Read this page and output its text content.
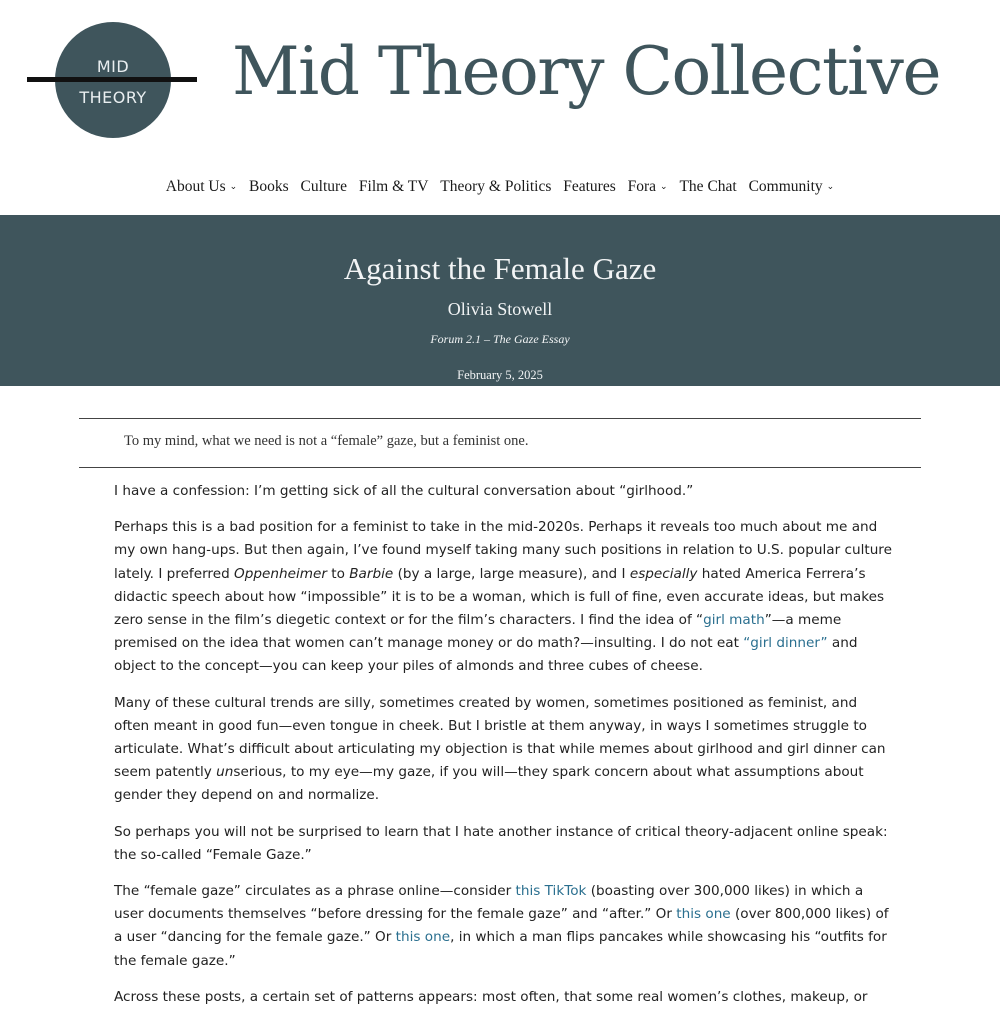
MID
THEORY	Mid Theory Collective
About Us ⌄ Books Culture Film & TV Theory & Politics Features Fora ⌄ The Chat Community ⌄
Against the Female Gaze
Olivia Stowell
Forum 2.1 – The Gaze Essay
February 5, 2025
To my mind, what we need is not a “female” gaze, but a feminist one.

I have a confession: I’m getting sick of all the cultural conversation about “girlhood.”

Perhaps this is a bad position for a feminist to take in the mid-2020s. Perhaps it reveals too much about me and my own hang-ups. But then again, I’ve found myself taking many such positions in relation to U.S. popular culture lately. I preferred Oppenheimer to Barbie (by a large, large measure), and I especially hated America Ferrera’s didactic speech about how “impossible” it is to be a woman, which is full of fine, even accurate ideas, but makes zero sense in the film’s diegetic context or for the film’s characters. I find the idea of “girl math”—a meme premised on the idea that women can’t manage money or do math?—insulting. I do not eat “girl dinner” and object to the concept—you can keep your piles of almonds and three cubes of cheese.

Many of these cultural trends are silly, sometimes created by women, sometimes positioned as feminist, and often meant in good fun—even tongue in cheek. But I bristle at them anyway, in ways I sometimes struggle to articulate. What’s difficult about articulating my objection is that while memes about girlhood and girl dinner can seem patently unserious, to my eye—my gaze, if you will—they spark concern about what assumptions about gender they depend on and normalize.

So perhaps you will not be surprised to learn that I hate another instance of critical theory-adjacent online speak: the so-called “Female Gaze.”

The “female gaze” circulates as a phrase online—consider this TikTok (boasting over 300,000 likes) in which a user documents themselves “before dressing for the female gaze” and “after.” Or this one (over 800,000 likes) of a user “dancing for the female gaze.” Or this one, in which a man flips pancakes while showcasing his “outfits for the female gaze.”

Across these posts, a certain set of patterns appears: most often, that some real women’s clothes, makeup, or
